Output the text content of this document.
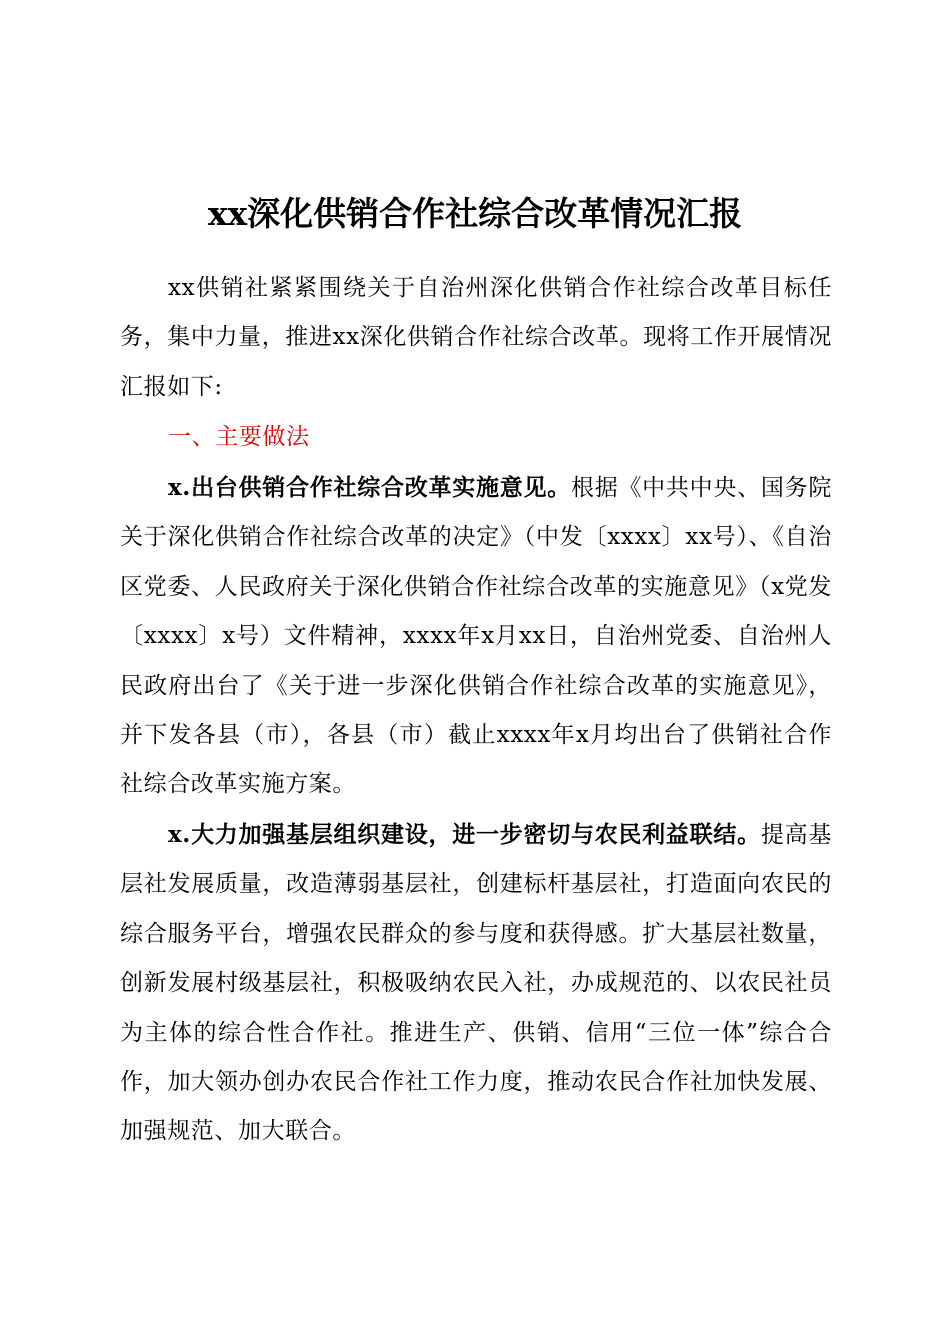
xx深化供销合作社综合改革情况汇报

xx供销社紧紧围绕关于自治州深化供销合作社综合改革目标任务，集中力量，推进xx深化供销合作社综合改革。现将工作开展情况汇报如下:

一、主要做法

x.出台供销合作社综合改革实施意见。根据《中共中央、国务院关于深化供销合作社综合改革的决定》（中发〔xxxx〕xx号）、《自治区党委、人民政府关于深化供销合作社综合改革的实施意见》（x党发〔xxxx〕x号）文件精神，xxxx年x月xx日，自治州党委、自治州人民政府出台了《关于进一步深化供销合作社综合改革的实施意见》，并下发各县（市），各县（市）截止xxxx年x月均出台了供销社合作社综合改革实施方案。

x.大力加强基层组织建设，进一步密切与农民利益联结。提高基层社发展质量，改造薄弱基层社，创建标杆基层社，打造面向农民的综合服务平台，增强农民群众的参与度和获得感。扩大基层社数量，创新发展村级基层社，积极吸纳农民入社，办成规范的、以农民社员为主体的综合性合作社。推进生产、供销、信用“三位一体”综合合作，加大领办创办农民合作社工作力度，推动农民合作社加快发展、加强规范、加大联合。
